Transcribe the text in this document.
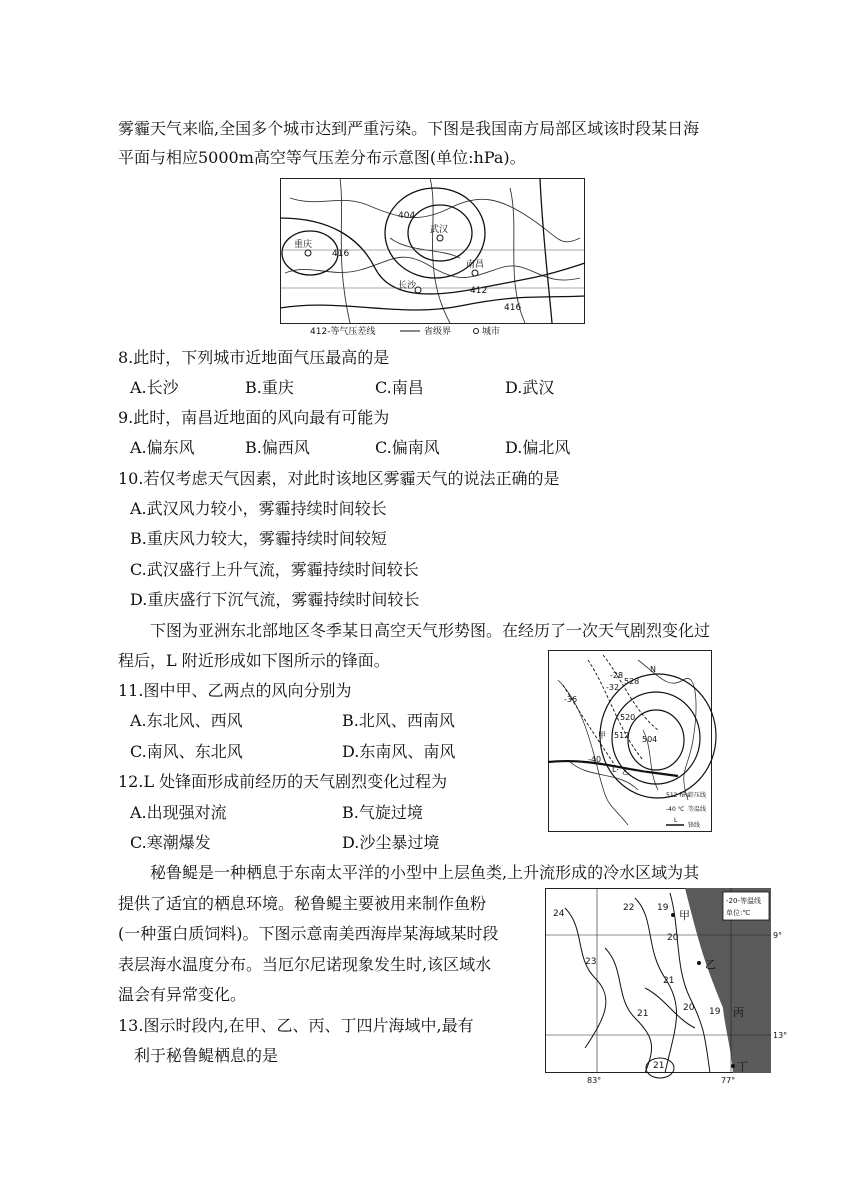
雾霾天气来临,全国多个城市达到严重污染。下图是我国南方局部区域该时段某日海
平面与相应5000m高空等气压差分布示意图(单位:hPa)。
武汉
重庆
长沙
南昌
404
416
412
416
412-等气压差线	省级界	城市
8.此时，下列城市近地面气压最高的是
A.长沙	B.重庆	C.南昌	D.武汉
9.此时，南昌近地面的风向最有可能为
A.偏东风	B.偏西风	C.偏南风	D.偏北风
10.若仅考虑天气因素，对此时该地区雾霾天气的说法正确的是
A.武汉风力较小，雾霾持续时间较长
B.重庆风力较大，雾霾持续时间较短
C.武汉盛行上升气流，雾霾持续时间较长
D.重庆盛行下沉气流，雾霾持续时间较长
下图为亚洲东北部地区冬季某日高空天气形势图。在经历了一次天气剧烈变化过
程后，L 附近形成如下图所示的锋面。	N
-32
-28
528
-36
520
甲 512 504
-40
L 乙
512 hPa
等压线
-40 ℃ 等温线
L
锋线
11.图中甲、乙两点的风向分别为
A.东北风、西风	B.北风、西南风
C.南风、东北风	D.东南风、南风
12.L 处锋面形成前经历的天气剧烈变化过程为
A.出现强对流	B.气旋过境
C.寒潮爆发	D.沙尘暴过境
秘鲁鳀是一种栖息于东南太平洋的小型中上层鱼类,上升流形成的冷水区域为其
提供了适宜的栖息环境。秘鲁鳀主要被用来制作鱼粉
(一种蛋白质饲料)。下图示意南美西海岸某海域某时段
表层海水温度分布。当厄尔尼诺现象发生时,该区域水
温会有异常变化。
24
22	19
20
23
21
20
21	19
21
甲
乙
丙
丁
-20-等温线
单位:℃
9°
13°
83°	77°
13.图示时段内,在甲、乙、丙、丁四片海域中,最有
利于秘鲁鳀栖息的是
